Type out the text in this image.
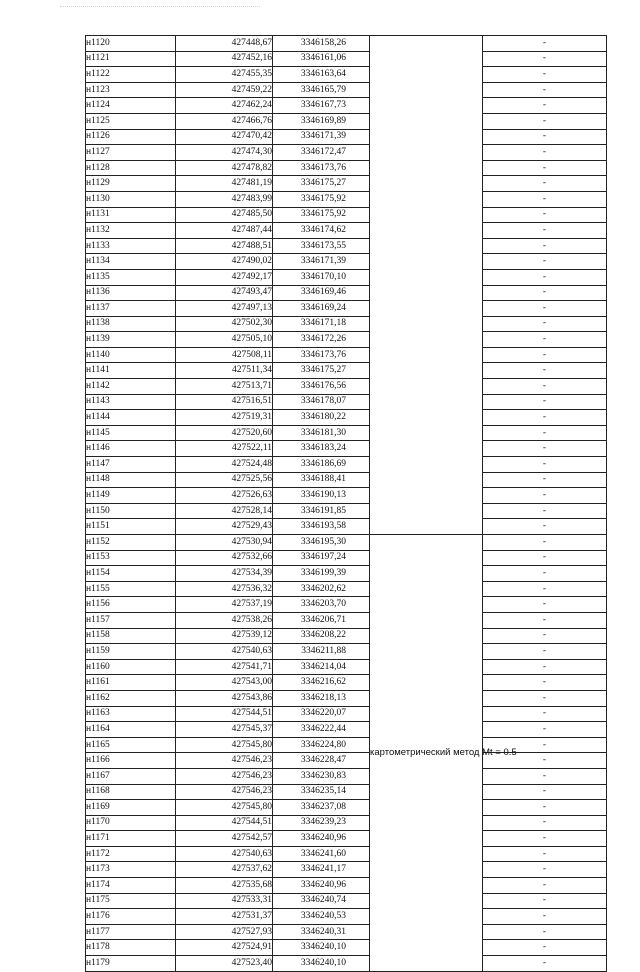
н1120	427448,67	3346158,26		-
н1121	427452,16	3346161,06		-
н1122	427455,35	3346163,64		-
н1123	427459,22	3346165,79		-
н1124	427462,24	3346167,73		-
н1125	427466,76	3346169,89		-
н1126	427470,42	3346171,39		-
н1127	427474,30	3346172,47		-
н1128	427478,82	3346173,76		-
н1129	427481,19	3346175,27		-
н1130	427483,99	3346175,92		-
н1131	427485,50	3346175,92		-
н1132	427487,44	3346174,62		-
н1133	427488,51	3346173,55		-
н1134	427490,02	3346171,39		-
н1135	427492,17	3346170,10		-
н1136	427493,47	3346169,46		-
н1137	427497,13	3346169,24		-
н1138	427502,30	3346171,18		-
н1139	427505,10	3346172,26		-
н1140	427508,11	3346173,76		-
н1141	427511,34	3346175,27		-
н1142	427513,71	3346176,56		-
н1143	427516,51	3346178,07		-
н1144	427519,31	3346180,22		-
н1145	427520,60	3346181,30		-
н1146	427522,11	3346183,24		-
н1147	427524,48	3346186,69		-
н1148	427525,56	3346188,41		-
н1149	427526,63	3346190,13		-
н1150	427528,14	3346191,85		-
н1151	427529,43	3346193,58		-
н1152	427530,94	3346195,30	картометрический метод Mt = 0.5	-
н1153	427532,66	3346197,24		-
н1154	427534,39	3346199,39		-
н1155	427536,32	3346202,62		-
н1156	427537,19	3346203,70		-
н1157	427538,26	3346206,71		-
н1158	427539,12	3346208,22		-
н1159	427540,63	3346211,88		-
н1160	427541,71	3346214,04		-
н1161	427543,00	3346216,62		-
н1162	427543,86	3346218,13		-
н1163	427544,51	3346220,07		-
н1164	427545,37	3346222,44		-
н1165	427545,80	3346224,80		-
н1166	427546,23	3346228,47		-
н1167	427546,23	3346230,83		-
н1168	427546,23	3346235,14		-
н1169	427545,80	3346237,08		-
н1170	427544,51	3346239,23		-
н1171	427542,57	3346240,96		-
н1172	427540,63	3346241,60		-
н1173	427537,62	3346241,17		-
н1174	427535,68	3346240,96		-
н1175	427533,31	3346240,74		-
н1176	427531,37	3346240,53		-
н1177	427527,93	3346240,31		-
н1178	427524,91	3346240,10		-
н1179	427523,40	3346240,10		-
